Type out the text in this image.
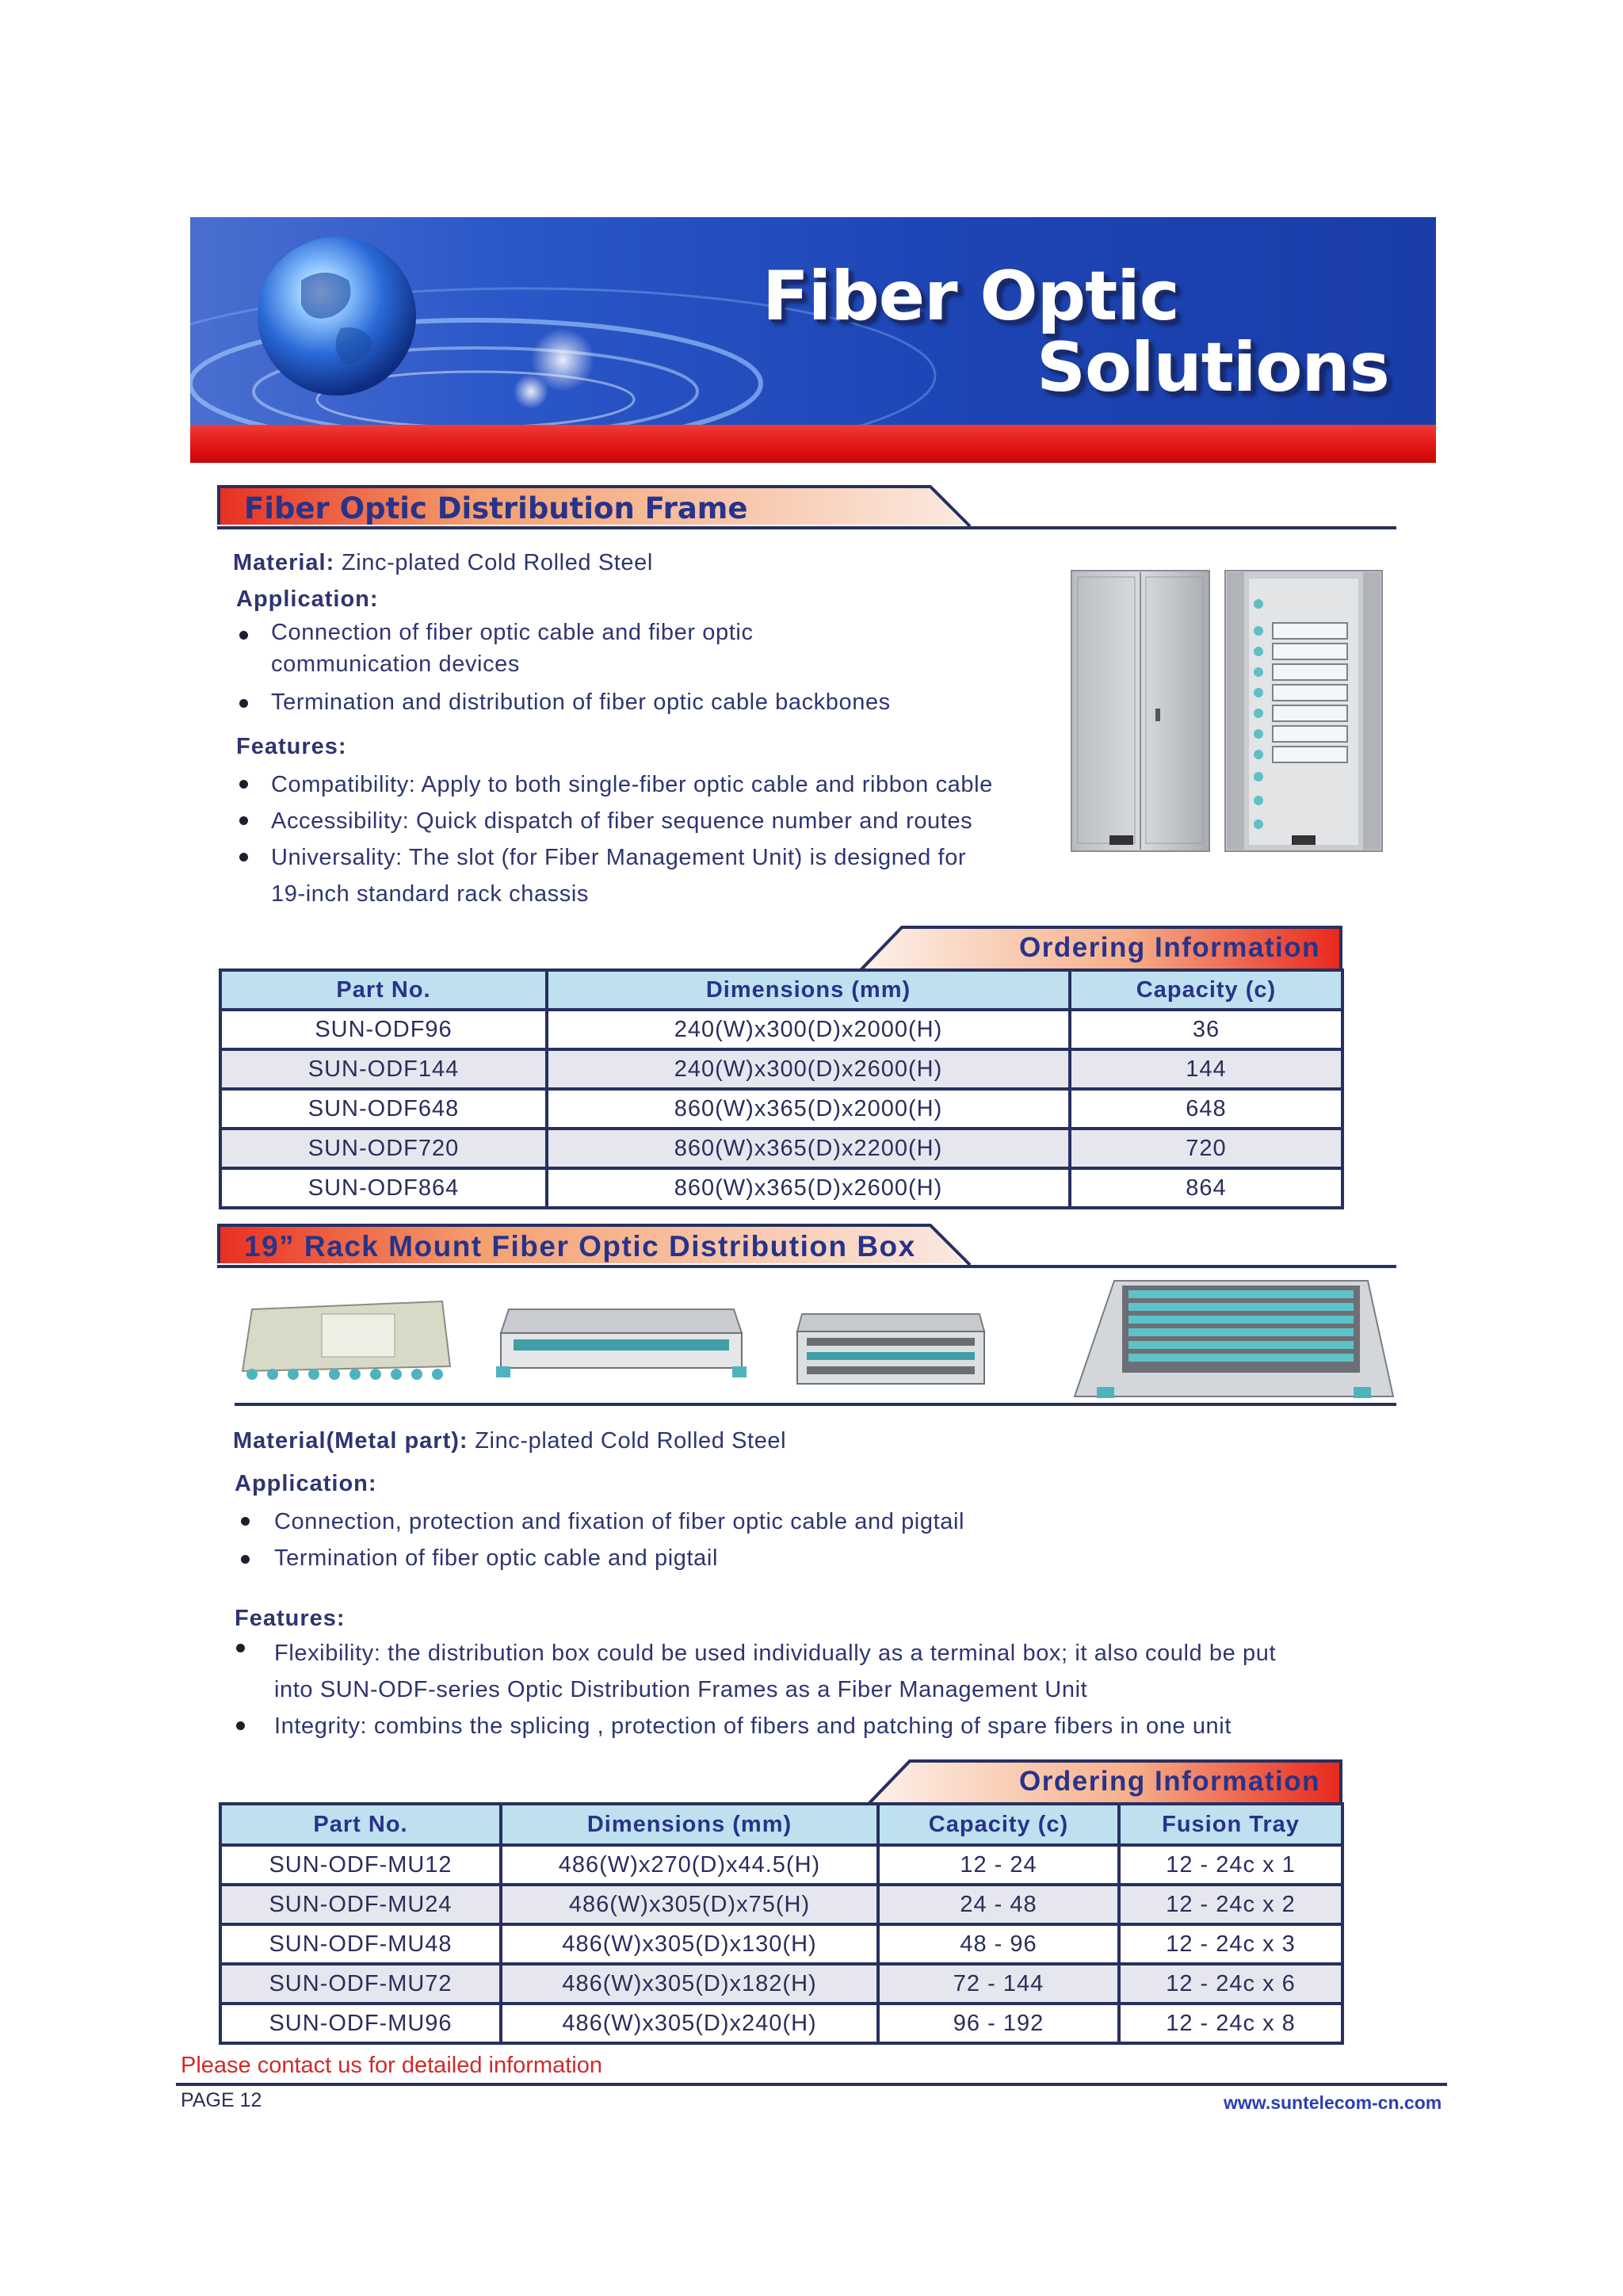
Fiber Optic
Solutions
Fiber Optic Distribution Frame
Material: Zinc-plated Cold Rolled Steel
Application:
Connection of fiber optic cable and fiber optic
communication devices
Termination and distribution of fiber optic cable backbones
Features:
Compatibility: Apply to both single-fiber optic cable and ribbon cable
Accessibility: Quick dispatch of fiber sequence number and routes
Universality: The slot (for Fiber Management Unit) is designed for
19-inch standard rack chassis
Ordering Information
Part No.	Dimensions (mm)	Capacity (c)
SUN-ODF96	240(W)x300(D)x2000(H)	36
SUN-ODF144	240(W)x300(D)x2600(H)	144
SUN-ODF648	860(W)x365(D)x2000(H)	648
SUN-ODF720	860(W)x365(D)x2200(H)	720
SUN-ODF864	860(W)x365(D)x2600(H)	864
19” Rack Mount Fiber Optic Distribution Box
Material(Metal part): Zinc-plated Cold Rolled Steel
Application:
Connection, protection and fixation of fiber optic cable and pigtail
Termination of fiber optic cable and pigtail
Features:
Flexibility: the distribution box could be used individually as a terminal box; it also could be put
into SUN-ODF-series Optic Distribution Frames as a Fiber Management Unit
Integrity: combins the splicing , protection of fibers and patching of spare fibers in one unit
Ordering Information
Part No.	Dimensions (mm)	Capacity (c)	Fusion Tray
SUN-ODF-MU12	486(W)x270(D)x44.5(H)	12 - 24	12 - 24c x 1
SUN-ODF-MU24	486(W)x305(D)x75(H)	24 - 48	12 - 24c x 2
SUN-ODF-MU48	486(W)x305(D)x130(H)	48 - 96	12 - 24c x 3
SUN-ODF-MU72	486(W)x305(D)x182(H)	72 - 144	12 - 24c x 6
SUN-ODF-MU96	486(W)x305(D)x240(H)	96 - 192	12 - 24c x 8
Please contact us for detailed information
PAGE 12	www.suntelecom-cn.com
